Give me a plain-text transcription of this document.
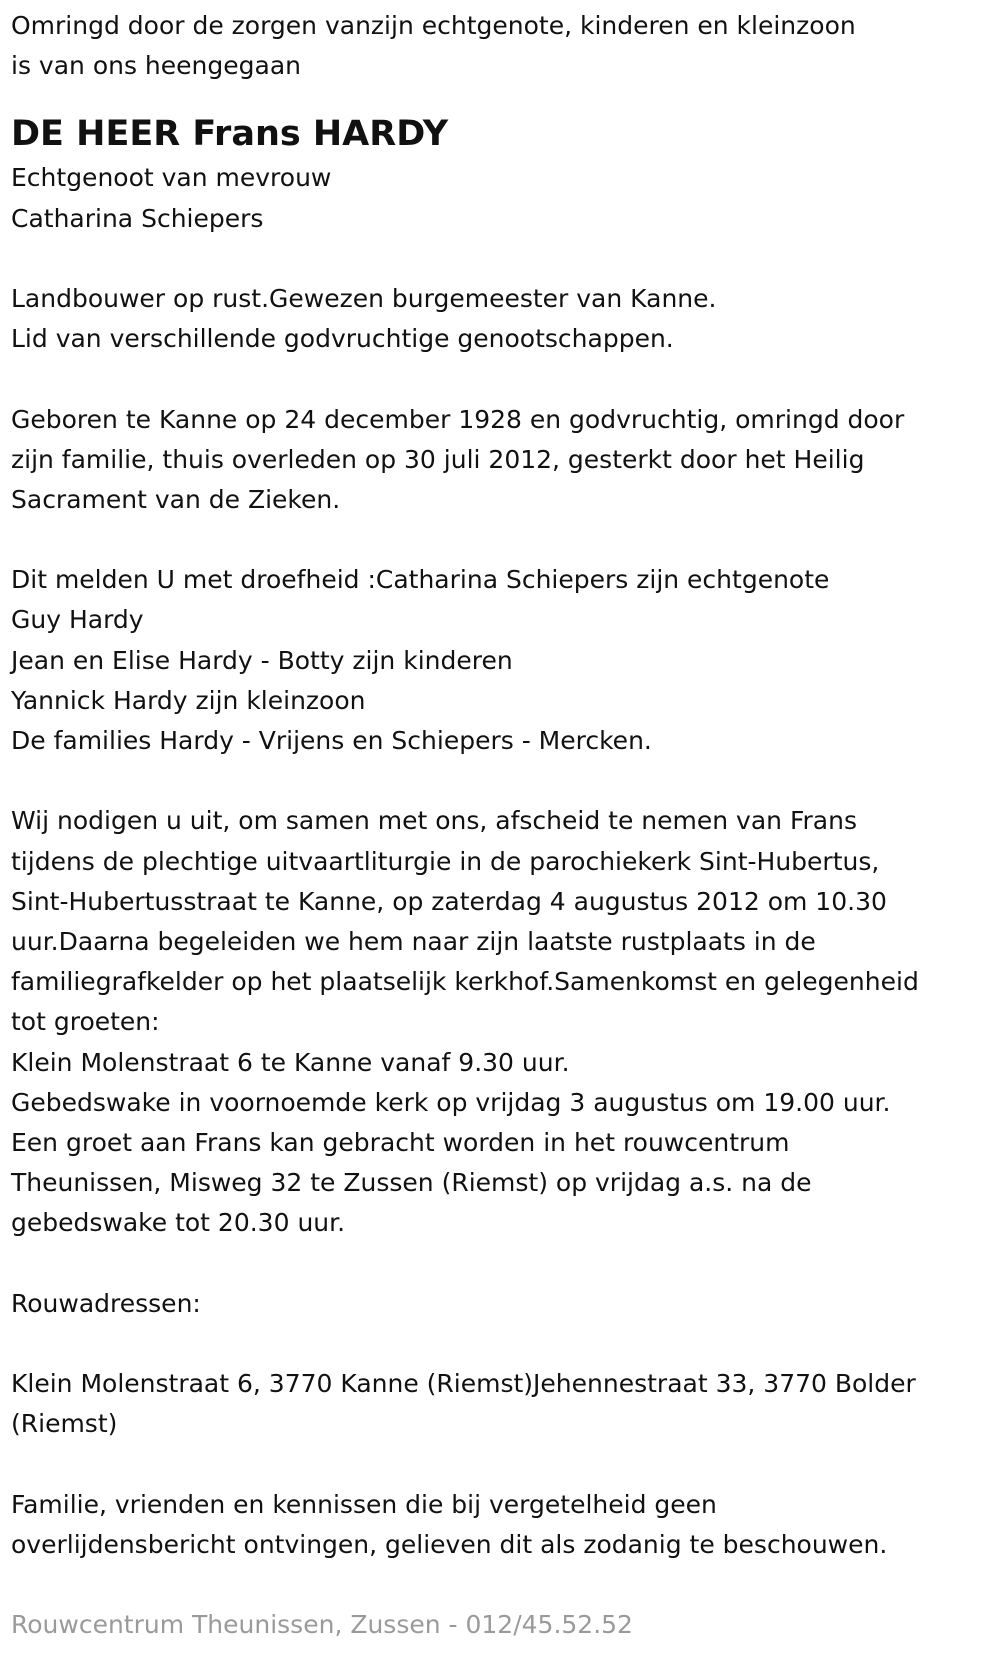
Omringd door de zorgen vanzijn echtgenote, kinderen en kleinzoon
is van ons heengegaan
DE HEER Frans HARDY
Echtgenoot van mevrouw
Catharina Schiepers
Landbouwer op rust.Gewezen burgemeester van Kanne.
Lid van verschillende godvruchtige genootschappen.
Geboren te Kanne op 24 december 1928 en godvruchtig, omringd door
zijn familie, thuis overleden op 30 juli 2012, gesterkt door het Heilig
Sacrament van de Zieken.
Dit melden U met droefheid :Catharina Schiepers zijn echtgenote
Guy Hardy
Jean en Elise Hardy - Botty zijn kinderen
Yannick Hardy zijn kleinzoon
De families Hardy - Vrijens en Schiepers - Mercken.
Wij nodigen u uit, om samen met ons, afscheid te nemen van Frans
tijdens de plechtige uitvaartliturgie in de parochiekerk Sint-Hubertus,
Sint-Hubertusstraat te Kanne, op zaterdag 4 augustus 2012 om 10.30
uur.Daarna begeleiden we hem naar zijn laatste rustplaats in de
familiegrafkelder op het plaatselijk kerkhof.Samenkomst en gelegenheid
tot groeten:
Klein Molenstraat 6 te Kanne vanaf 9.30 uur.
Gebedswake in voornoemde kerk op vrijdag 3 augustus om 19.00 uur.
Een groet aan Frans kan gebracht worden in het rouwcentrum
Theunissen, Misweg 32 te Zussen (Riemst) op vrijdag a.s. na de
gebedswake tot 20.30 uur.
Rouwadressen:
Klein Molenstraat 6, 3770 Kanne (Riemst)Jehennestraat 33, 3770 Bolder
(Riemst)
Familie, vrienden en kennissen die bij vergetelheid geen
overlijdensbericht ontvingen, gelieven dit als zodanig te beschouwen.
Rouwcentrum Theunissen, Zussen - 012/45.52.52
